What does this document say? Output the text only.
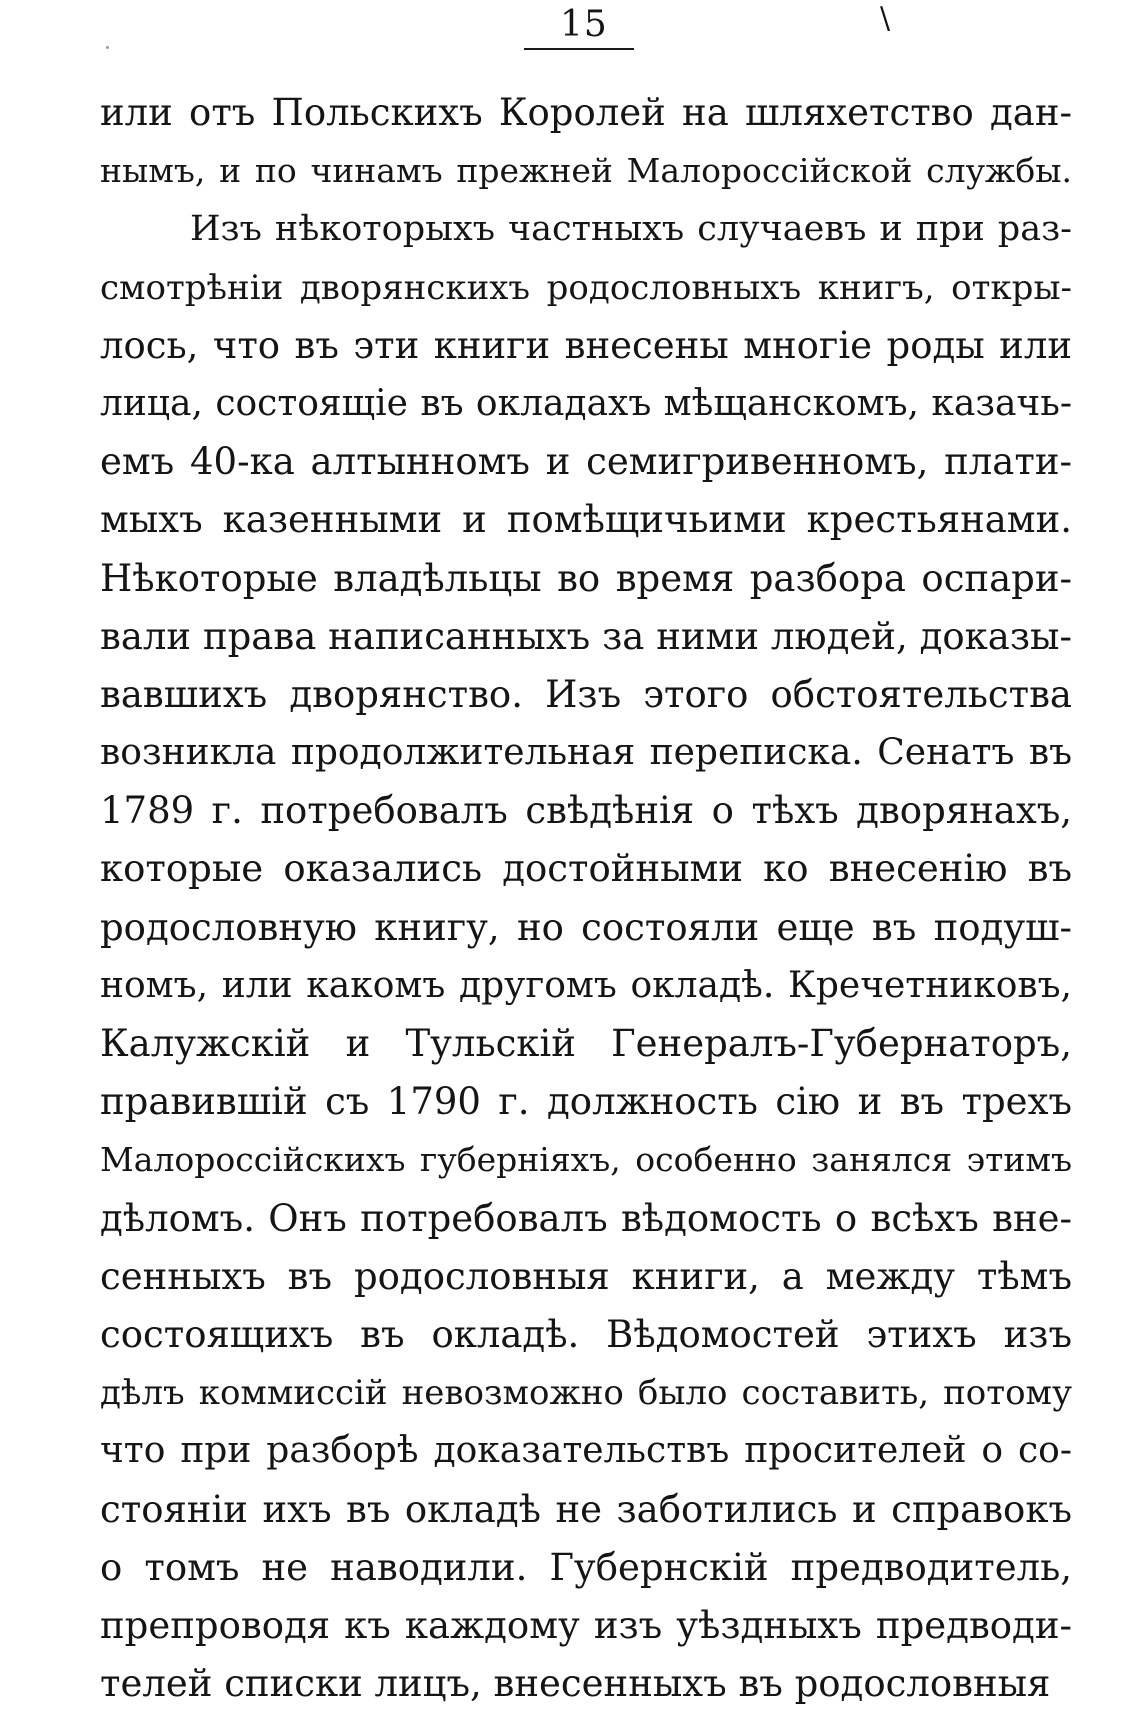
15	\
или отъ Польскихъ Королей на шляхетство дан-
нымъ, и по чинамъ прежней Малороссiйской службы.
Изъ нѣкоторыхъ частныхъ случаевъ и при раз-
смотрѣнiи дворянскихъ родословныхъ книгъ, откры-
лось, что въ эти книги внесены многiе роды или
лица, состоящiе въ окладахъ мѣщанскомъ, казачь-
емъ 40-ка алтынномъ и семигривенномъ, плати-
мыхъ казенными и помѣщичьими крестьянами.
Нѣкоторые владѣльцы во время разбора оспари-
вали права написанныхъ за ними людей, доказы-
вавшихъ дворянство. Изъ этого обстоятельства
возникла продолжительная переписка. Сенатъ въ
1789 г. потребовалъ свѣдѣнiя о тѣхъ дворянахъ,
которые оказались достойными ко внесенiю въ
родословную книгу, но состояли еще въ подуш-
номъ, или какомъ другомъ окладѣ. Кречетниковъ,
Калужскiй и Тульскiй Генералъ-Губернаторъ,
правившiй съ 1790 г. должность сiю и въ трехъ
Малороссiйскихъ губернiяхъ, особенно занялся этимъ
дѣломъ. Онъ потребовалъ вѣдомость о всѣхъ вне-
сенныхъ въ родословныя книги, а между тѣмъ
состоящихъ въ окладѣ. Вѣдомостей этихъ изъ
дѣлъ коммиссiй невозможно было составить, потому
что при разборѣ доказательствъ просителей о со-
стоянiи ихъ въ окладѣ не заботились и справокъ
о томъ не наводили. Губернскiй предводитель,
препроводя къ каждому изъ уѣздныхъ предводи-
телей списки лицъ, внесенныхъ въ родословныя
